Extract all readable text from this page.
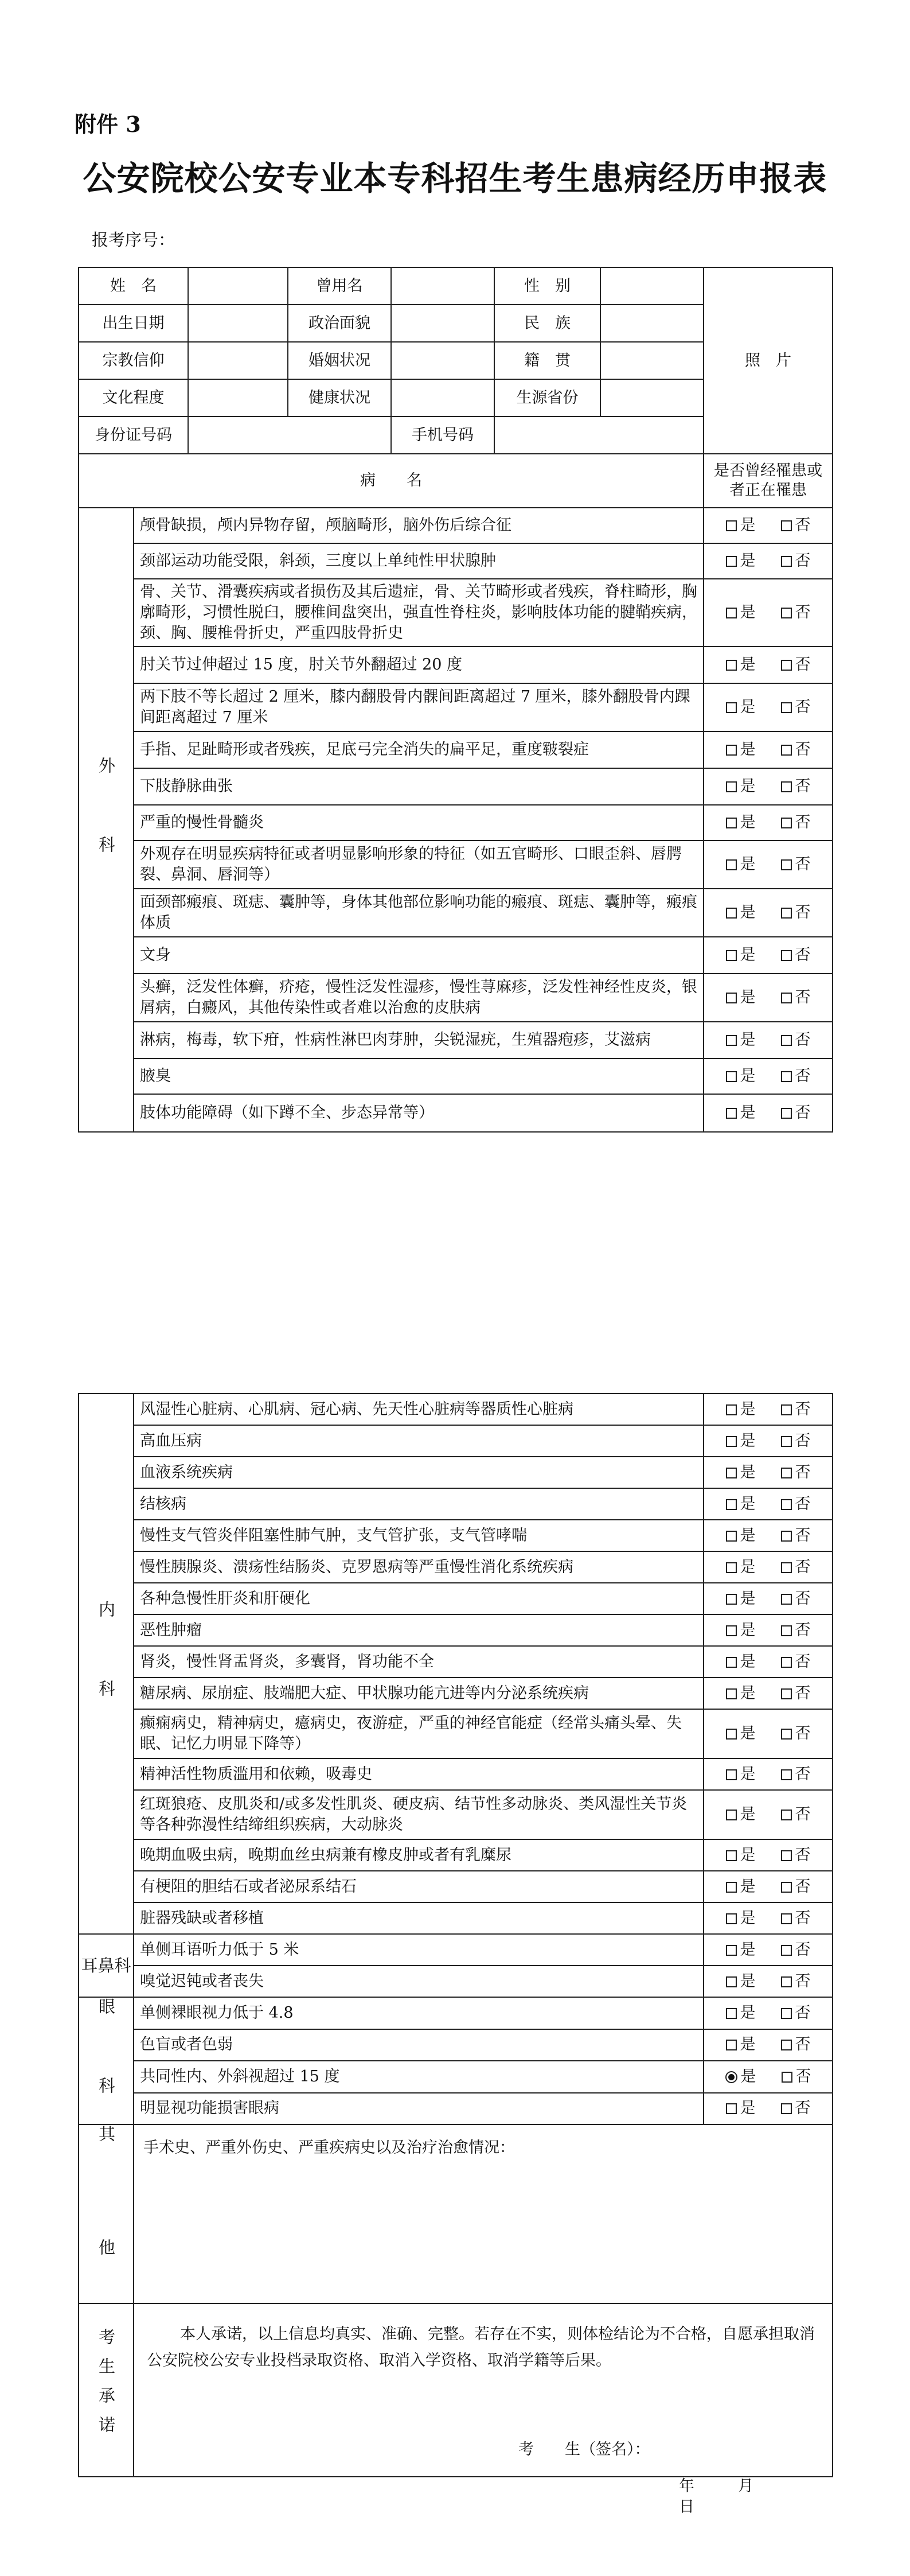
附件 3
公安院校公安专业本专科招生考生患病经历申报表
报考序号：
姓　名			曾用名		性　别		照　片
出生日期			政治面貌		民　族		
宗教信仰			婚姻状况		籍　贯		
文化程度			健康状况		生源省份		
身份证号码				手机号码			
病　　名							是否曾经罹患或者正在罹患
外　科	颅骨缺损，颅内异物存留，颅脑畸形，脑外伤后综合征						是 否
	颈部运动功能受限，斜颈，三度以上单纯性甲状腺肿						是 否
	骨、关节、滑囊疾病或者损伤及其后遗症，骨、关节畸形或者残疾，脊柱畸形，胸廓畸形，习惯性脱臼，腰椎间盘突出，强直性脊柱炎，影响肢体功能的腱鞘疾病，颈、胸、腰椎骨折史，严重四肢骨折史						是 否
	肘关节过伸超过 15 度，肘关节外翻超过 20 度						是 否
	两下肢不等长超过 2 厘米，膝内翻股骨内髁间距离超过 7 厘米，膝外翻股骨内踝间距离超过 7 厘米						是 否
	手指、足趾畸形或者残疾，足底弓完全消失的扁平足，重度皲裂症						是 否
	下肢静脉曲张						是 否
	严重的慢性骨髓炎						是 否
	外观存在明显疾病特征或者明显影响形象的特征（如五官畸形、口眼歪斜、唇腭裂、鼻洞、唇洞等）						是 否
	面颈部瘢痕、斑痣、囊肿等，身体其他部位影响功能的瘢痕、斑痣、囊肿等，瘢痕体质						是 否
	文身						是 否
	头癣，泛发性体癣，疥疮，慢性泛发性湿疹，慢性荨麻疹，泛发性神经性皮炎，银屑病，白癜风，其他传染性或者难以治愈的皮肤病						是 否
	淋病，梅毒，软下疳，性病性淋巴肉芽肿，尖锐湿疣，生殖器疱疹，艾滋病						是 否
	腋臭						是 否
	肢体功能障碍（如下蹲不全、步态异常等）						是 否
内　科	风湿性心脏病、心肌病、冠心病、先天性心脏病等器质性心脏病	是 否
	高血压病	是 否
	血液系统疾病	是 否
	结核病	是 否
	慢性支气管炎伴阻塞性肺气肿，支气管扩张，支气管哮喘	是 否
	慢性胰腺炎、溃疡性结肠炎、克罗恩病等严重慢性消化系统疾病	是 否
	各种急慢性肝炎和肝硬化	是 否
	恶性肿瘤	是 否
	肾炎，慢性肾盂肾炎，多囊肾，肾功能不全	是 否
	糖尿病、尿崩症、肢端肥大症、甲状腺功能亢进等内分泌系统疾病	是 否
	癫痫病史，精神病史，癔病史，夜游症，严重的神经官能症（经常头痛头晕、失眠、记忆力明显下降等）	是 否
	精神活性物质滥用和依赖，吸毒史	是 否
	红斑狼疮、皮肌炎和/或多发性肌炎、硬皮病、结节性多动脉炎、类风湿性关节炎等各种弥漫性结缔组织疾病，大动脉炎	是 否
	晚期血吸虫病，晚期血丝虫病兼有橡皮肿或者有乳糜尿	是 否
	有梗阻的胆结石或者泌尿系结石	是 否
	脏器残缺或者移植	是 否

耳鼻科	单侧耳语听力低于 5 米	是 否
	嗅觉迟钝或者丧失	是 否
眼　科	单侧裸眼视力低于 4.8	是 否
	色盲或者色弱	是 否
	共同性内、外斜视超过 15 度	是 否
	明显视功能损害眼病	是 否
其　他	手术史、严重外伤史、严重疾病史以及治疗治愈情况：	
考生承诺	本人承诺，以上信息均真实、准确、完整。若存在不实，则体检结论为不合格，自愿承担取消公安院校公安专业投档录取资格、取消入学资格、取消学籍等后果。

考　　生（签名）：
年 月日	
